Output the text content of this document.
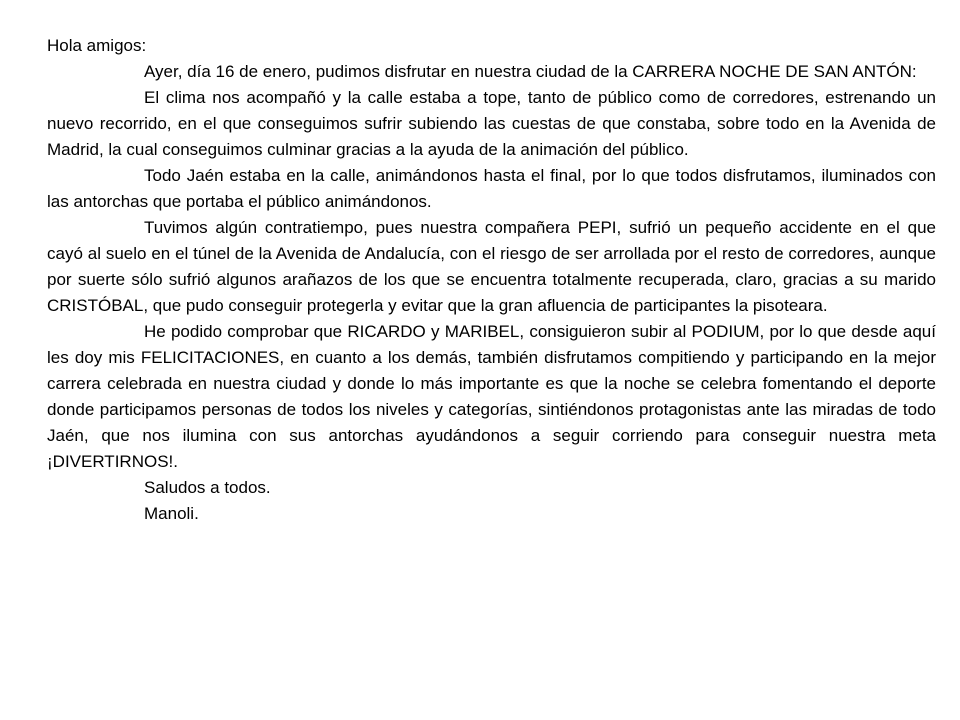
Hola amigos:

Ayer, día 16 de enero, pudimos disfrutar en nuestra ciudad de la CARRERA NOCHE DE SAN ANTÓN:

El clima nos acompañó y la calle estaba a tope, tanto de público como de corredores, estrenando un nuevo recorrido, en el que conseguimos sufrir subiendo las cuestas de que constaba, sobre todo en la Avenida de Madrid, la cual conseguimos culminar gracias a la ayuda de la animación del público.

Todo Jaén estaba en la calle, animándonos hasta el final, por lo que todos disfrutamos, iluminados con las antorchas que portaba el público animándonos.

Tuvimos algún contratiempo, pues nuestra compañera PEPI, sufrió un pequeño accidente en el que cayó al suelo en el túnel de la Avenida de Andalucía, con el riesgo de ser arrollada por el resto de corredores, aunque por suerte sólo sufrió algunos arañazos de los que se encuentra totalmente recuperada, claro, gracias a su marido CRISTÓBAL, que pudo conseguir protegerla y evitar que la gran afluencia de participantes la pisoteara.

He podido comprobar que RICARDO y MARIBEL, consiguieron subir al PODIUM, por lo que desde aquí les doy mis FELICITACIONES, en cuanto a los demás, también disfrutamos compitiendo y participando en la mejor carrera celebrada en nuestra ciudad y donde lo más importante es que la noche se celebra fomentando el deporte donde participamos personas de todos los niveles y categorías, sintiéndonos protagonistas ante las miradas de todo Jaén, que nos ilumina con sus antorchas ayudándonos a seguir corriendo para conseguir nuestra meta ¡DIVERTIRNOS!.

Saludos a todos.

Manoli.
